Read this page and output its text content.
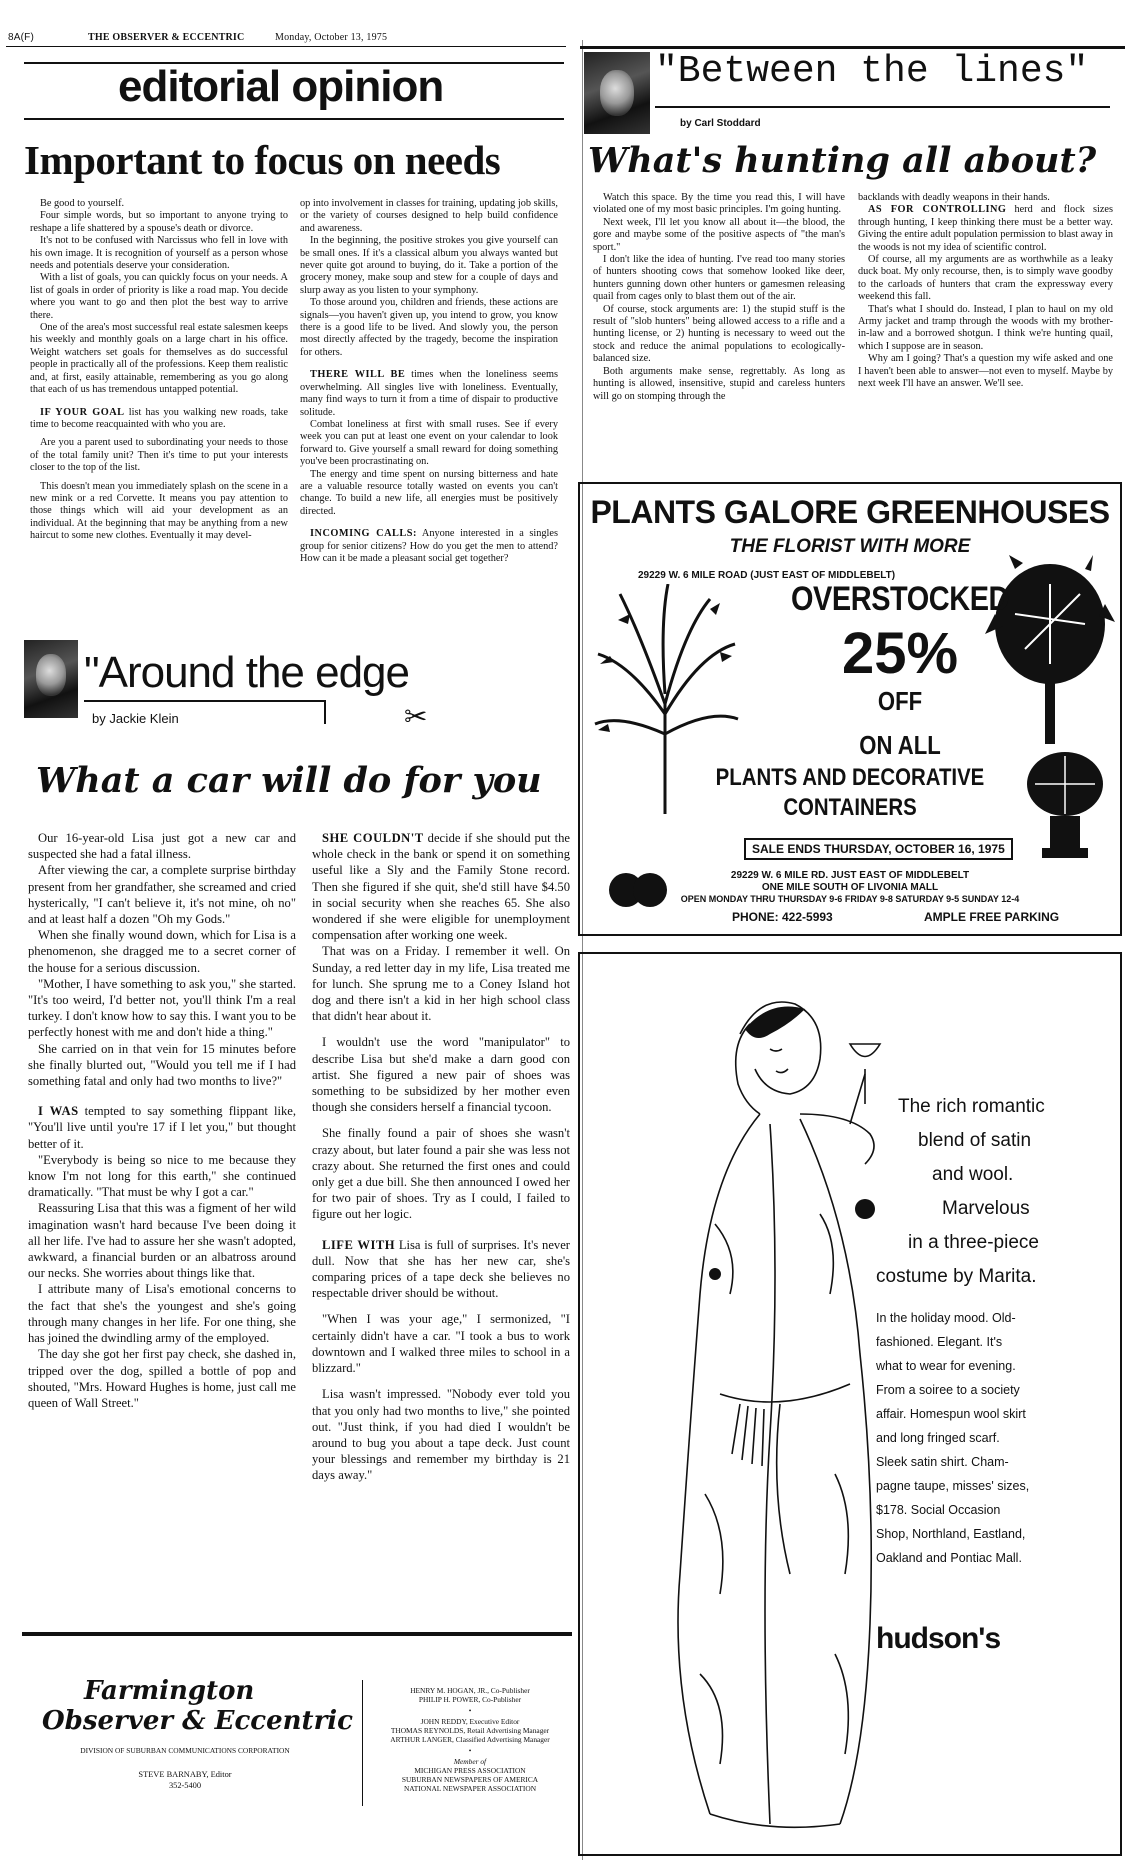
8A(F)	THE OBSERVER & ECCENTRIC	Monday, October 13, 1975
editorial opinion
Important to focus on needs

Be good to yourself.

Four simple words, but so important to anyone trying to reshape a life shattered by a spouse's death or divorce.

It's not to be confused with Narcissus who fell in love with his own image. It is recognition of yourself as a person whose needs and potentials deserve your consideration.

With a list of goals, you can quickly focus on your needs. A list of goals in order of priority is like a road map. You decide where you want to go and then plot the best way to arrive there.

One of the area's most successful real estate salesmen keeps his weekly and monthly goals on a large chart in his office. Weight watchers set goals for themselves as do successful people in practically all of the professions. Keep them realistic and, at first, easily attainable, remembering as you go along that each of us has tremendous untapped potential.

IF YOUR GOAL list has you walking new roads, take time to become reacquainted with who you are.

Are you a parent used to subordinating your needs to those of the total family unit? Then it's time to put your interests closer to the top of the list.

This doesn't mean you immediately splash on the scene in a new mink or a red Corvette. It means you pay attention to those things which will aid your development as an individual. At the beginning that may be anything from a new haircut to some new clothes. Eventually it may devel-

op into involvement in classes for training, updating job skills, or the variety of courses designed to help build confidence and awareness.

In the beginning, the positive strokes you give yourself can be small ones. If it's a classical album you always wanted but never quite got around to buying, do it. Take a portion of the grocery money, make soup and stew for a couple of days and slurp away as you listen to your symphony.

To those around you, children and friends, these actions are signals—you haven't given up, you intend to grow, you know there is a good life to be lived. And slowly you, the person most directly affected by the tragedy, become the inspiration for others.

THERE WILL BE times when the loneliness seems overwhelming. All singles live with loneliness. Eventually, many find ways to turn it from a time of dispair to productive solitude.

Combat loneliness at first with small ruses. See if every week you can put at least one event on your calendar to look forward to. Give yourself a small reward for doing something you've been procrastinating on.

The energy and time spent on nursing bitterness and hate are a valuable resource totally wasted on events you can't change. To build a new life, all energies must be positively directed.

INCOMING CALLS: Anyone interested in a singles group for senior citizens? How do you get the men to attend? How can it be made a pleasant social get together?

"Around the edge
✂
by Jackie Klein
What a car will do for you

Our 16-year-old Lisa just got a new car and suspected she had a fatal illness.

After viewing the car, a complete surprise birthday present from her grandfather, she screamed and cried hysterically, "I can't believe it, it's not mine, oh no" and at least half a dozen "Oh my Gods."

When she finally wound down, which for Lisa is a phenomenon, she dragged me to a secret corner of the house for a serious discussion.

"Mother, I have something to ask you," she started. "It's too weird, I'd better not, you'll think I'm a real turkey. I don't know how to say this. I want you to be perfectly honest with me and don't hide a thing."

She carried on in that vein for 15 minutes before she finally blurted out, "Would you tell me if I had something fatal and only had two months to live?"

I WAS tempted to say something flippant like, "You'll live until you're 17 if I let you," but thought better of it.

"Everybody is being so nice to me because they know I'm not long for this earth," she continued dramatically. "That must be why I got a car."

Reassuring Lisa that this was a figment of her wild imagination wasn't hard because I've been doing it all her life. I've had to assure her she wasn't adopted, awkward, a financial burden or an albatross around our necks. She worries about things like that.

I attribute many of Lisa's emotional concerns to the fact that she's the youngest and she's going through many changes in her life. For one thing, she has joined the dwindling army of the employed.

The day she got her first pay check, she dashed in, tripped over the dog, spilled a bottle of pop and shouted, "Mrs. Howard Hughes is home, just call me queen of Wall Street."

SHE COULDN'T decide if she should put the whole check in the bank or spend it on something useful like a Sly and the Family Stone record. Then she figured if she quit, she'd still have $4.50 in social security when she reaches 65. She also wondered if she were eligible for unemployment compensation after working one week.

That was on a Friday. I remember it well. On Sunday, a red letter day in my life, Lisa treated me for lunch. She sprung me to a Coney Island hot dog and there isn't a kid in her high school class that didn't hear about it.

I wouldn't use the word "manipulator" to describe Lisa but she'd make a darn good con artist. She figured a new pair of shoes was something to be subsidized by her mother even though she considers herself a financial tycoon.

She finally found a pair of shoes she wasn't crazy about, but later found a pair she was less not crazy about. She returned the first ones and could only get a due bill. She then announced I owed her for two pair of shoes. Try as I could, I failed to figure out her logic.

LIFE WITH Lisa is full of surprises. It's never dull. Now that she has her new car, she's comparing prices of a tape deck she believes no respectable driver should be without.

"When I was your age," I sermonized, "I certainly didn't have a car. "I took a bus to work downtown and I walked three miles to school in a blizzard."

Lisa wasn't impressed. "Nobody ever told you that you only had two months to live," she pointed out. "Just think, if you had died I wouldn't be around to bug you about a tape deck. Just count your blessings and remember my birthday is 21 days away."

Farmington
Observer & Eccentric
DIVISION OF SUBURBAN COMMUNICATIONS CORPORATION
STEVE BARNABY, Editor
352-5400
HENRY M. HOGAN, JR., Co-Publisher
PHILIP H. POWER, Co-Publisher
•
JOHN REDDY, Executive Editor
THOMAS REYNOLDS, Retail Advertising Manager
ARTHUR LANGER, Classified Advertising Manager
•
Member of
MICHIGAN PRESS ASSOCIATION
SUBURBAN NEWSPAPERS OF AMERICA
NATIONAL NEWSPAPER ASSOCIATION
"Between the lines"
by Carl Stoddard
What's hunting all about?

Watch this space. By the time you read this, I will have violated one of my most basic principles. I'm going hunting.

Next week, I'll let you know all about it—the blood, the gore and maybe some of the positive aspects of "the man's sport."

I don't like the idea of hunting. I've read too many stories of hunters shooting cows that somehow looked like deer, hunters gunning down other hunters or gamesmen releasing quail from cages only to blast them out of the air.

Of course, stock arguments are: 1) the stupid stuff is the result of "slob hunters" being allowed access to a rifle and a hunting license, or 2) hunting is necessary to weed out the stock and reduce the animal populations to ecologically-balanced size.

Both arguments make sense, regrettably. As long as hunting is allowed, insensitive, stupid and careless hunters will go on stomping through the

backlands with deadly weapons in their hands.

AS FOR CONTROLLING herd and flock sizes through hunting, I keep thinking there must be a better way. Giving the entire adult population permission to blast away in the woods is not my idea of scientific control.

Of course, all my arguments are as worthwhile as a leaky duck boat. My only recourse, then, is to simply wave goodby to the carloads of hunters that cram the expressway every weekend this fall.

That's what I should do. Instead, I plan to haul on my old Army jacket and tramp through the woods with my brother-in-law and a borrowed shotgun. I think we're hunting quail, which I suppose are in season.

Why am I going? That's a question my wife asked and one I haven't been able to answer—not even to myself. Maybe by next week I'll have an answer. We'll see.

PLANTS GALORE GREENHOUSES
THE FLORIST WITH MORE
29229 W. 6 MILE ROAD (JUST EAST OF MIDDLEBELT)
OVERSTOCKED
25%
OFF
ON ALL
PLANTS AND DECORATIVE
CONTAINERS
SALE ENDS THURSDAY, OCTOBER 16, 1975
29229 W. 6 MILE RD. JUST EAST OF MIDDLEBELT
ONE MILE SOUTH OF LIVONIA MALL
OPEN MONDAY THRU THURSDAY 9-6 FRIDAY 9-8 SATURDAY 9-5 SUNDAY 12-4
PHONE: 422-5993	AMPLE FREE PARKING
The rich romantic
blend of satin
and wool.
Marvelous
in a three-piece
costume by Marita.
In the holiday mood. Old-
fashioned. Elegant. It's
what to wear for evening.
From a soiree to a society
affair. Homespun wool skirt
and long fringed scarf.
Sleek satin shirt. Cham-
pagne taupe, misses' sizes,
$178. Social Occasion
Shop, Northland, Eastland,
Oakland and Pontiac Mall.
hudson's
